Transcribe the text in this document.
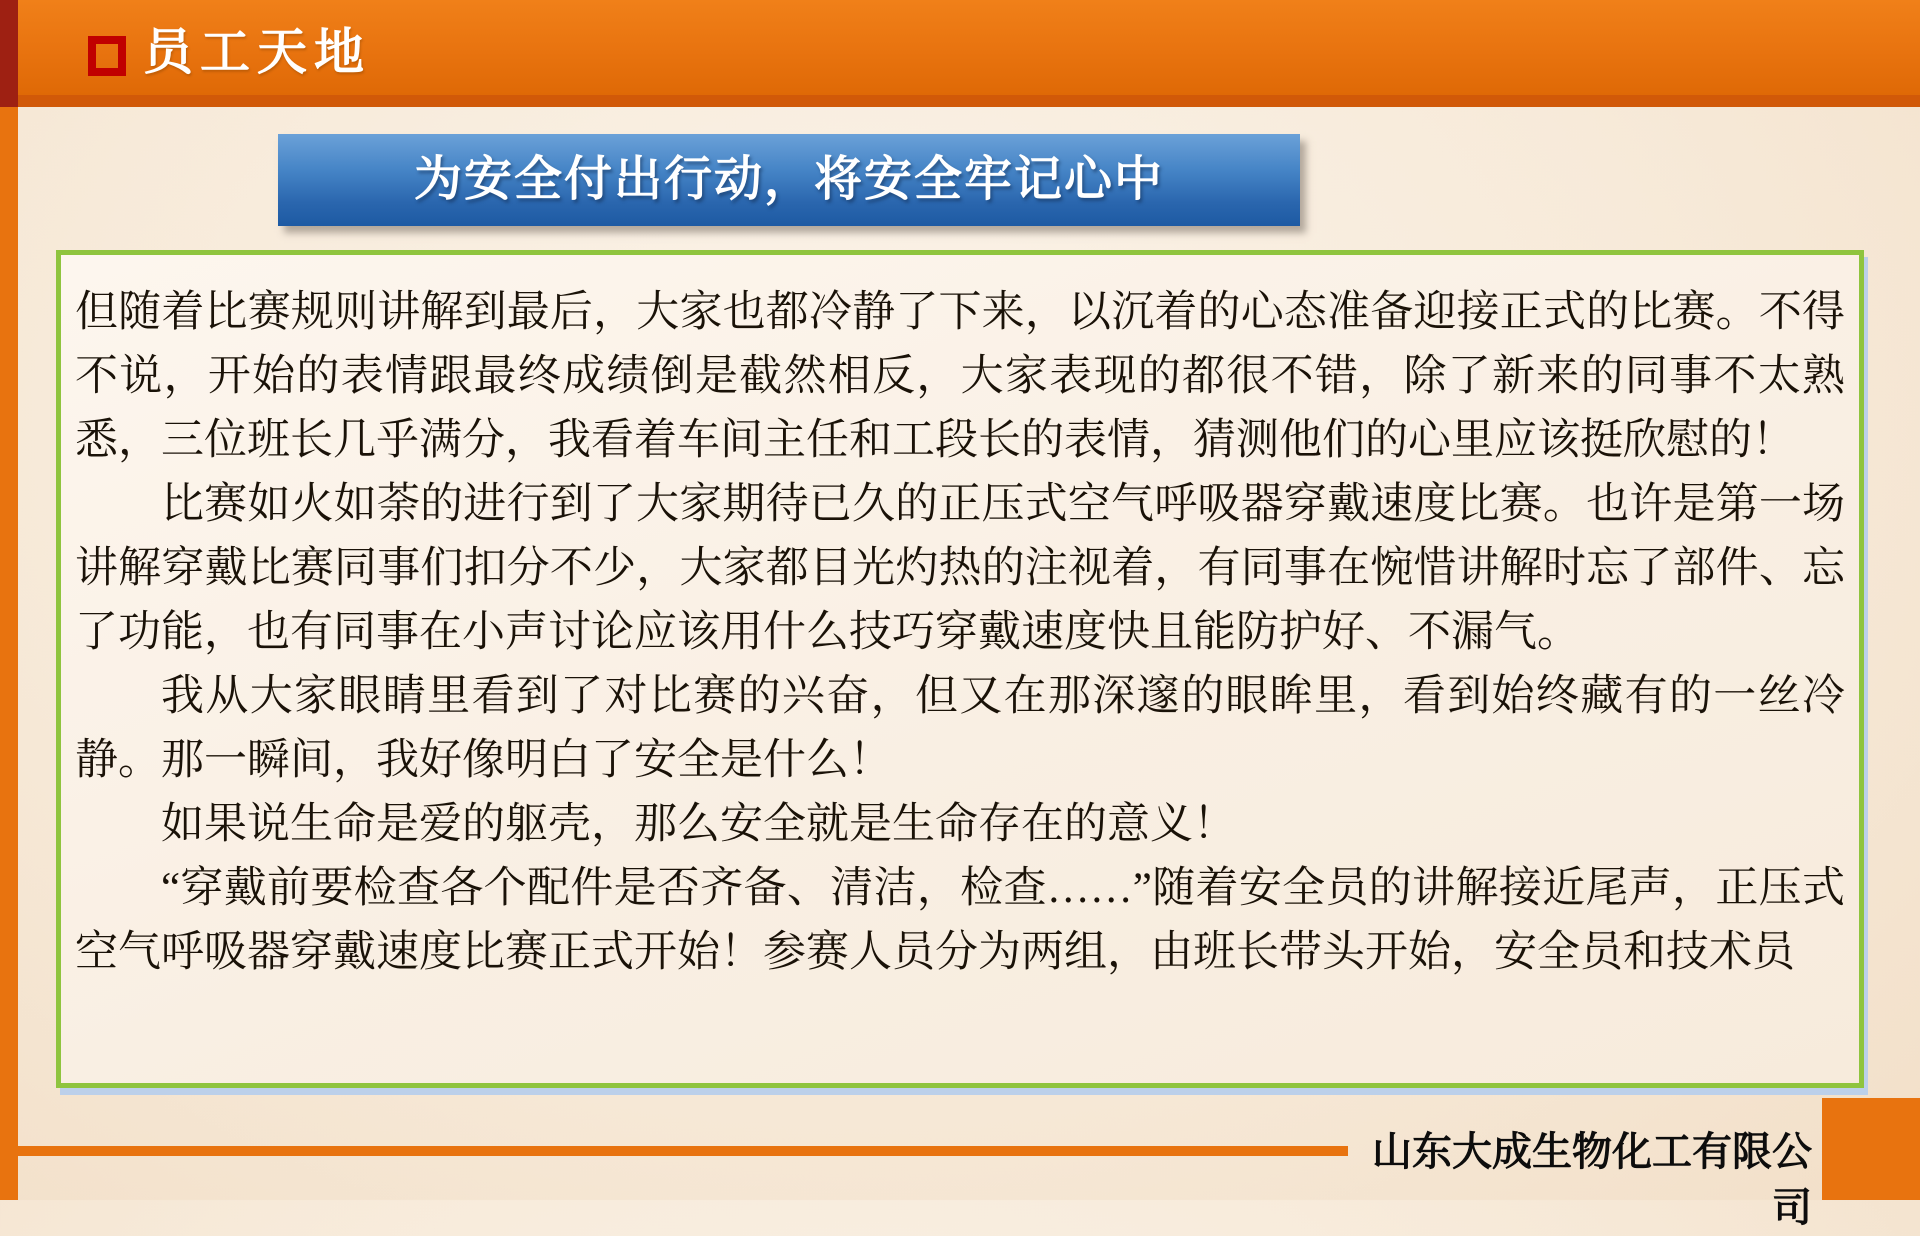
员工天地
为安全付出行动，将安全牢记心中

但随着比赛规则讲解到最后，大家也都冷静了下来，以沉着的心态准备迎接正式的比赛。不得不说，开始的表情跟最终成绩倒是截然相反，大家表现的都很不错，除了新来的同事不太熟悉，三位班长几乎满分，我看着车间主任和工段长的表情，猜测他们的心里应该挺欣慰的！

比赛如火如荼的进行到了大家期待已久的正压式空气呼吸器穿戴速度比赛。也许是第一场讲解穿戴比赛同事们扣分不少，大家都目光灼热的注视着，有同事在惋惜讲解时忘了部件、忘了功能，也有同事在小声讨论应该用什么技巧穿戴速度快且能防护好、不漏气。

我从大家眼睛里看到了对比赛的兴奋，但又在那深邃的眼眸里，看到始终藏有的一丝冷静。那一瞬间，我好像明白了安全是什么！

如果说生命是爱的躯壳，那么安全就是生命存在的意义！

“穿戴前要检查各个配件是否齐备、清洁，检查……”随着安全员的讲解接近尾声，正压式空气呼吸器穿戴速度比赛正式开始！参赛人员分为两组，由班长带头开始，安全员和技术员

山东大成生物化工有限公司
